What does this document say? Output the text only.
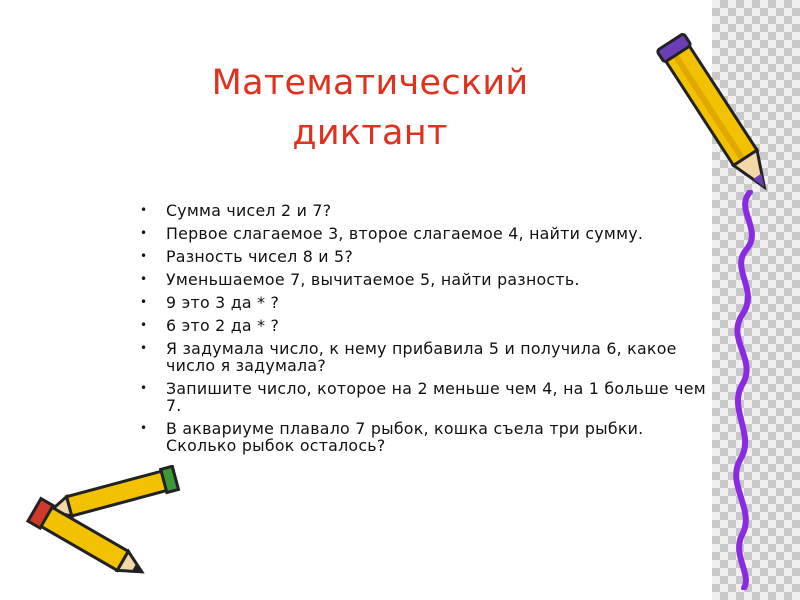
Математический
диктант
• Сумма чисел 2 и 7?
• Первое слагаемое 3, второе слагаемое 4, найти сумму.
• Разность чисел 8 и 5?
• Уменьшаемое 7, вычитаемое 5, найти разность.
• 9 это 3 да * ?
• 6 это 2 да * ?
• Я задумала число, к нему прибавила 5 и получила 6, какое число я задумала?
• Запишите число, которое на 2 меньше чем 4, на 1 больше чем 7.
• В аквариуме плавало 7 рыбок, кошка съела три рыбки. Сколько рыбок осталось?
